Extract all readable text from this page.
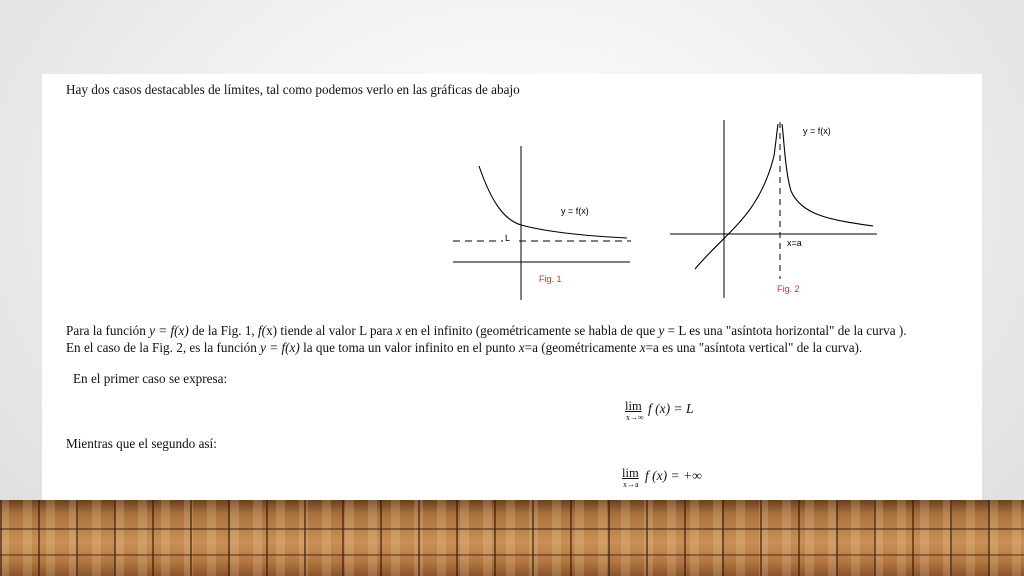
Hay dos casos destacables de límites, tal como podemos verlo en las gráficas de abajo
y = f(x)
L
Fig. 1
y = f(x)
x=a
Fig. 2
Para la función y = f(x) de la Fig. 1, f(x) tiende al valor L para x en el infinito (geométricamente se habla de que y = L es una "asíntota horizontal" de la curva ).
En el caso de la Fig. 2, es la función y = f(x) la que toma un valor infinito en el punto x=a (geométricamente x=a es una "asíntota vertical" de la curva).
En el primer caso se expresa:
lim
x→∞
f (x) = L
Mientras que el segundo así:
lim
x→a
f (x) = +∞
